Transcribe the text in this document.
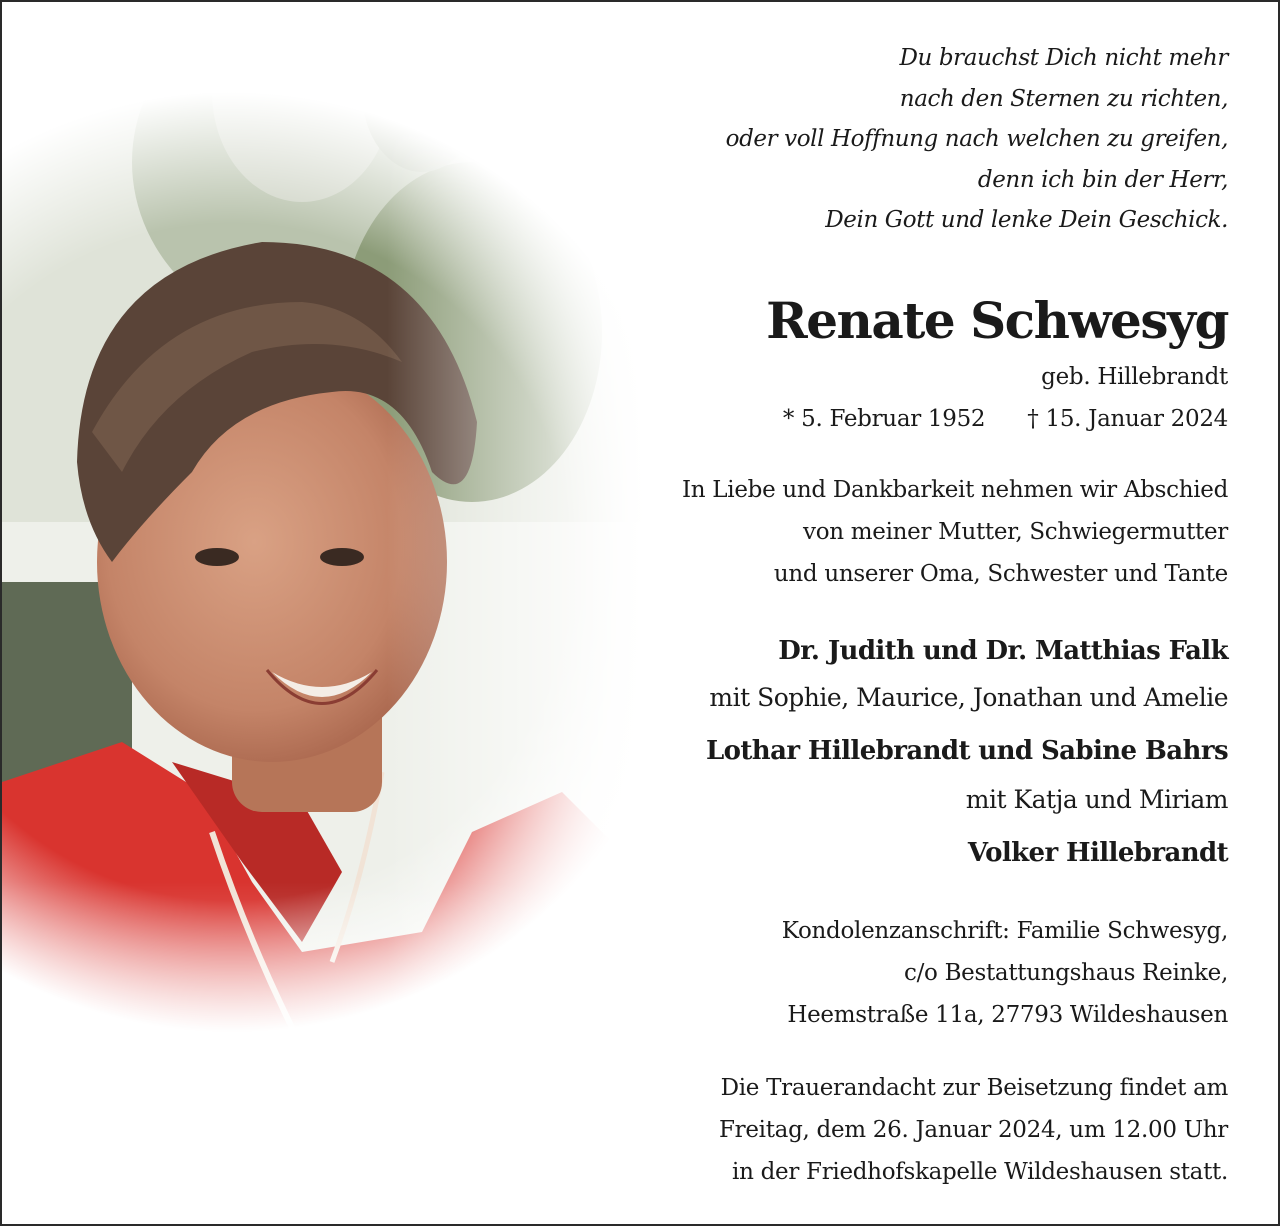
Du brauchst Dich nicht mehr
nach den Sternen zu richten,
oder voll Hoffnung nach welchen zu greifen,
denn ich bin der Herr,
Dein Gott und lenke Dein Geschick.
Renate Schwesyg
geb. Hillebrandt
* 5. Februar 1952 † 15. Januar 2024
In Liebe und Dankbarkeit nehmen wir Abschied
von meiner Mutter, Schwiegermutter
und unserer Oma, Schwester und Tante
Dr. Judith und Dr. Matthias Falk
mit Sophie, Maurice, Jonathan und Amelie
Lothar Hillebrandt und Sabine Bahrs
mit Katja und Miriam
Volker Hillebrandt
Kondolenzanschrift: Familie Schwesyg,
c/o Bestattungshaus Reinke,
Heemstraße 11a, 27793 Wildeshausen
Die Trauerandacht zur Beisetzung findet am
Freitag, dem 26. Januar 2024, um 12.00 Uhr
in der Friedhofskapelle Wildeshausen statt.
